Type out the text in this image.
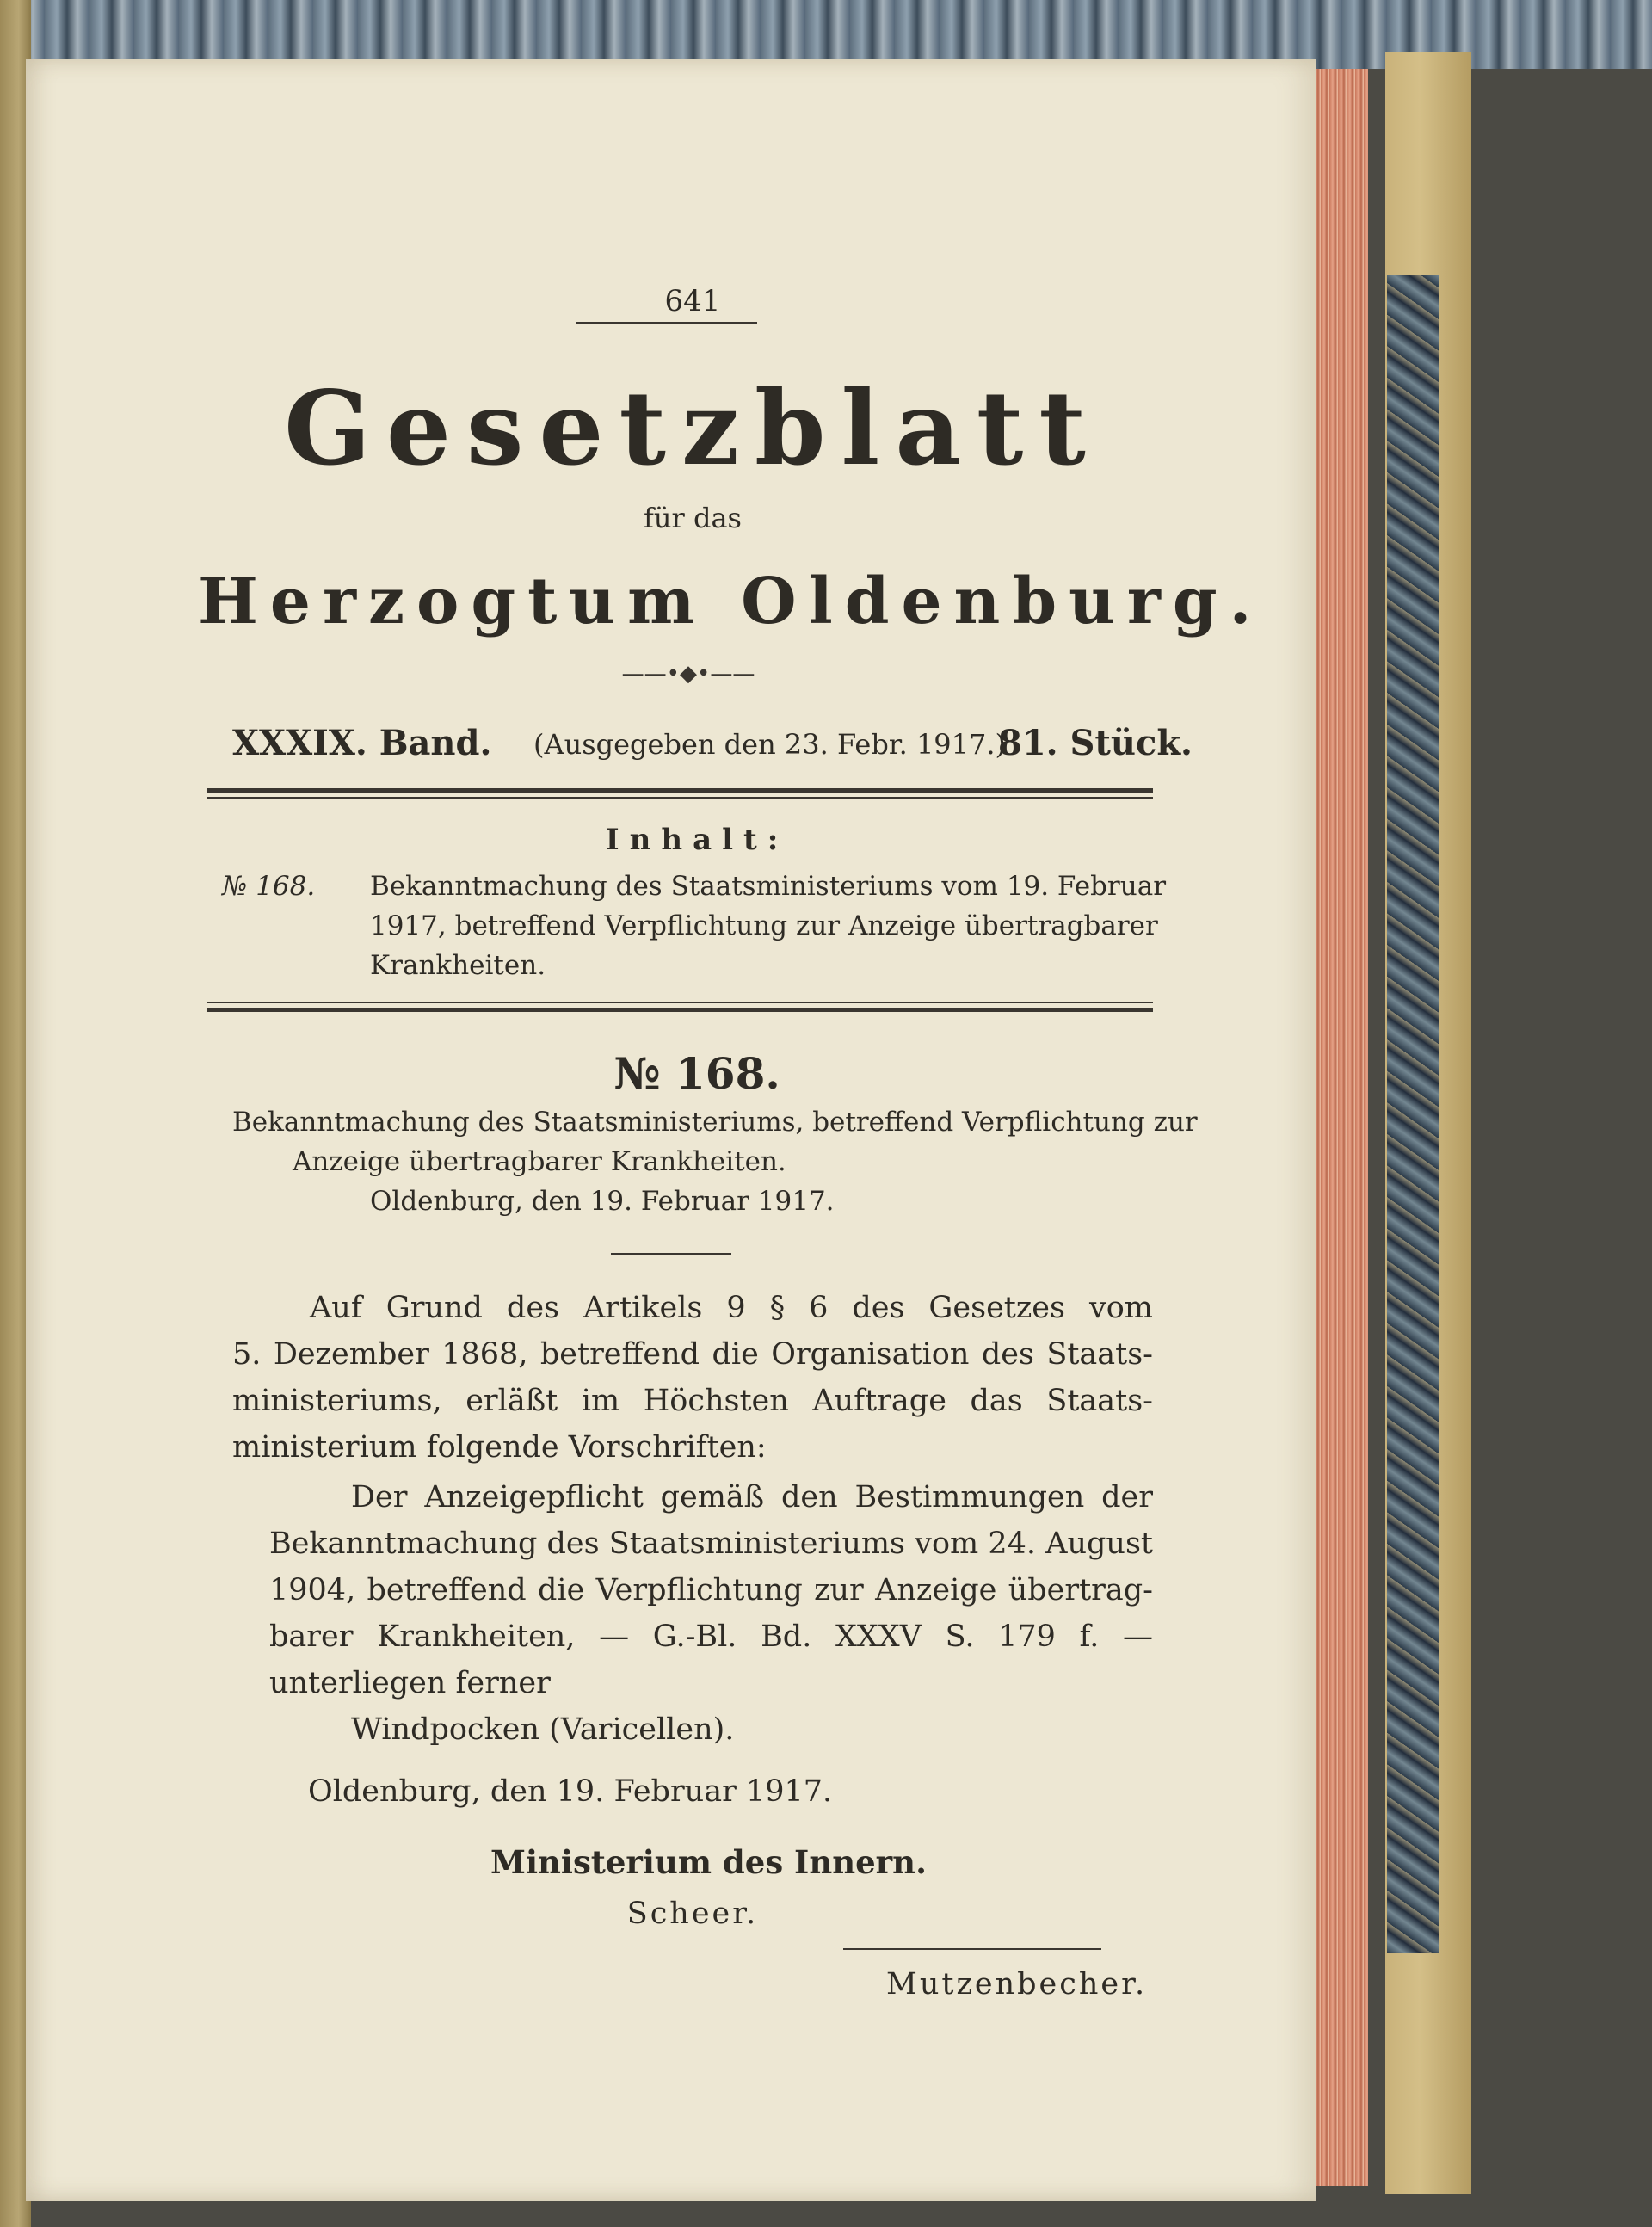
641

Gesetzblatt

für das

Herzogtum Oldenburg.

——•◆•——

XXXIX. Band. (Ausgegeben den 23. Febr. 1917.)

81. Stück.

Inhalt:

№ 168. Bekanntmachung des Staatsministeriums vom 19. Februar

1917, betreffend Verpflichtung zur Anzeige übertragbarer

Krankheiten.

№ 168.

Bekanntmachung des Staatsministeriums, betreffend Verpflichtung zur

Anzeige übertragbarer Krankheiten.

Oldenburg, den 19. Februar 1917.

Auf Grund des Artikels 9 § 6 des Gesetzes vom

5. Dezember 1868, betreffend die Organisation des Staats-

ministeriums, erläßt im Höchsten Auftrage das Staats-

ministerium folgende Vorschriften:

Der Anzeigepflicht gemäß den Bestimmungen der

Bekanntmachung des Staatsministeriums vom 24. August

1904, betreffend die Verpflichtung zur Anzeige übertrag-

barer Krankheiten, — G.-Bl. Bd. XXXV S. 179 f. —

unterliegen ferner

Windpocken (Varicellen).

Oldenburg, den 19. Februar 1917.

Ministerium des Innern.

Scheer.

Mutzenbecher.
